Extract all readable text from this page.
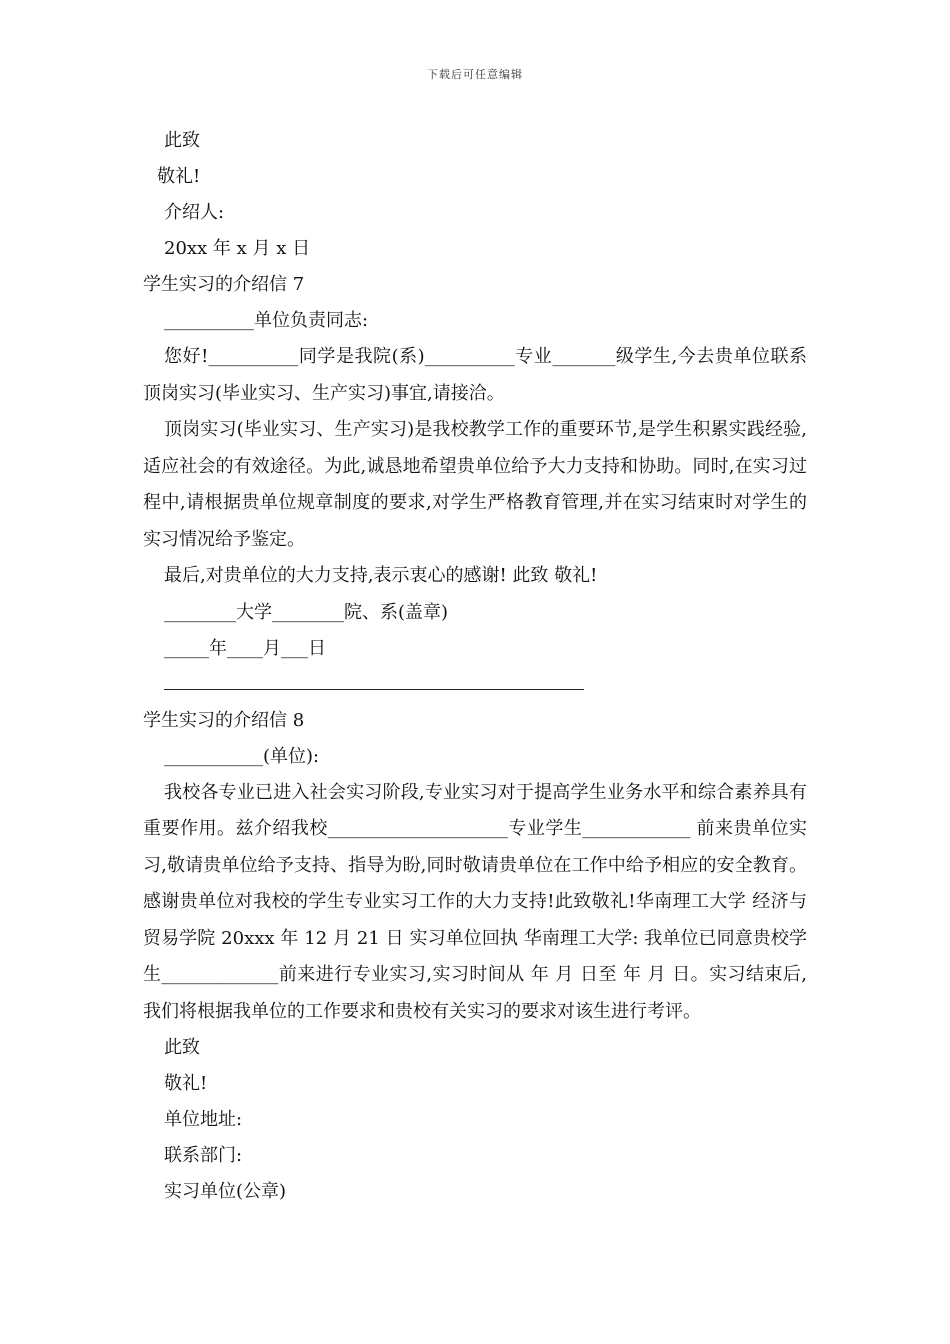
下载后可任意编辑
此致
敬礼!
介绍人:
20xx 年 x 月 x 日
学生实习的介绍信 7
__________单位负责同志:
您好!__________同学是我院(系)__________专业_______级学生,今去贵单位联系顶岗实习(毕业实习、生产实习)事宜,请接洽。
顶岗实习(毕业实习、生产实习)是我校教学工作的重要环节,是学生积累实践经验,适应社会的有效途径。为此,诚恳地希望贵单位给予大力支持和协助。同时,在实习过程中,请根据贵单位规章制度的要求,对学生严格教育管理,并在实习结束时对学生的实习情况给予鉴定。
最后,对贵单位的大力支持,表示衷心的感谢! 此致 敬礼!
________大学________院、系(盖章)
_____年____月___日
学生实习的介绍信 8
___________(单位):
我校各专业已进入社会实习阶段,专业实习对于提高学生业务水平和综合素养具有重要作用。兹介绍我校____________________专业学生____________ 前来贵单位实习,敬请贵单位给予支持、指导为盼,同时敬请贵单位在工作中给予相应的安全教育。 感谢贵单位对我校的学生专业实习工作的大力支持!此致敬礼!华南理工大学 经济与贸易学院 20xxx 年 12 月 21 日 实习单位回执 华南理工大学: 我单位已同意贵校学生_____________前来进行专业实习,实习时间从 年 月 日至 年 月 日。实习结束后,我们将根据我单位的工作要求和贵校有关实习的要求对该生进行考评。
此致
敬礼!
单位地址:
联系部门:
实习单位(公章)
